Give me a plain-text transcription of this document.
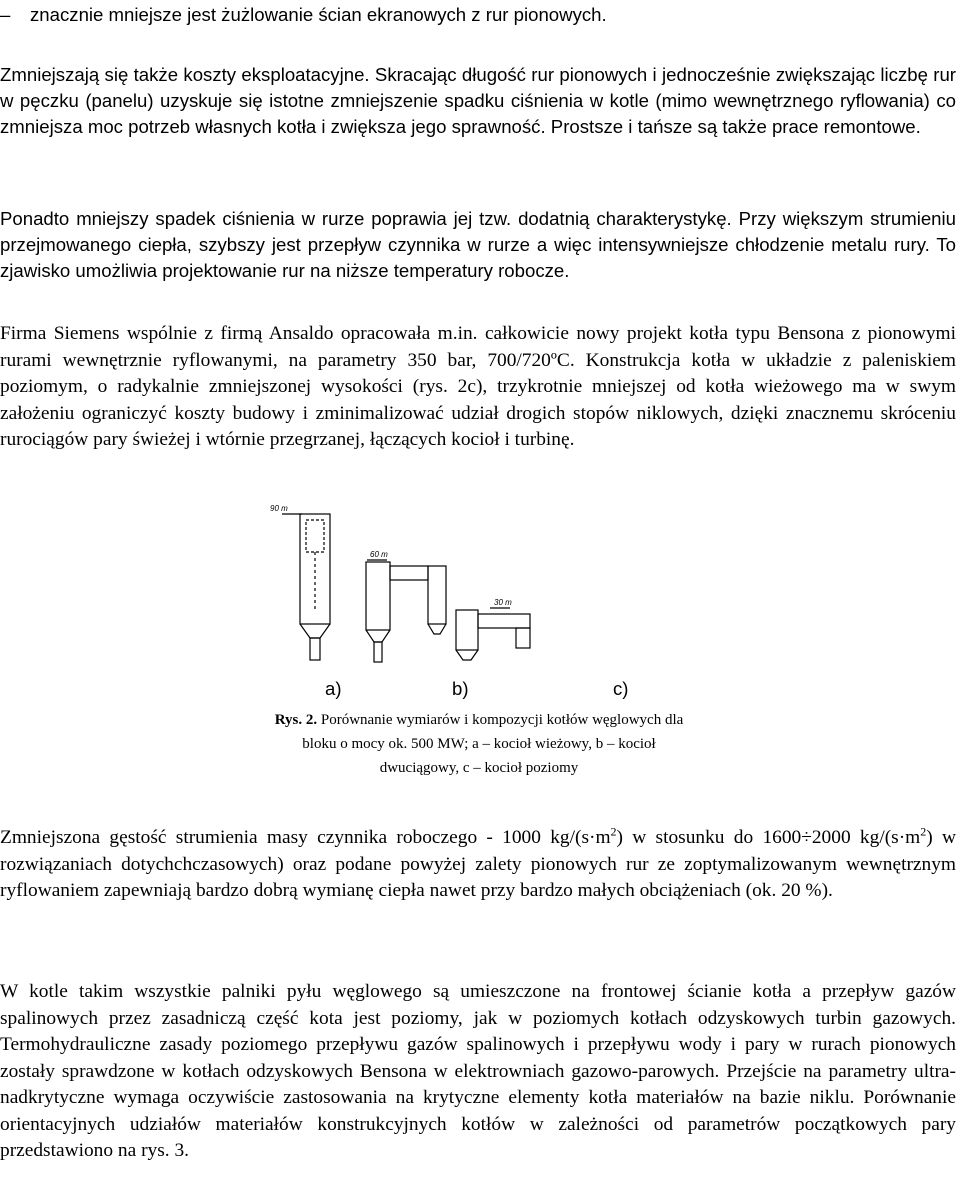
– znacznie mniejsze jest żużlowanie ścian ekranowych z rur pionowych.

Zmniejszają się także koszty eksploatacyjne. Skracając długość rur pionowych i jednocześnie zwiększając liczbę rur w pęczku (panelu) uzyskuje się istotne zmniejszenie spadku ciśnienia w kotle (mimo wewnętrznego ryflowania) co zmniejsza moc potrzeb własnych kotła i zwiększa jego sprawność. Prostsze i tańsze są także prace remontowe.

Ponadto mniejszy spadek ciśnienia w rurze poprawia jej tzw. dodatnią charakterystykę. Przy większym strumieniu przejmowanego ciepła, szybszy jest przepływ czynnika w rurze a więc intensywniejsze chłodzenie metalu rury. To zjawisko umożliwia projektowanie rur na niższe temperatury robocze.

Firma Siemens wspólnie z firmą Ansaldo opracowała m.in. całkowicie nowy projekt kotła typu Bensona z pionowymi rurami wewnętrznie ryflowanymi, na parametry 350 bar, 700/720ºC. Konstrukcja kotła w układzie z paleniskiem poziomym, o radykalnie zmniejszonej wysokości (rys. 2c), trzykrotnie mniejszej od kotła wieżowego ma w swym założeniu ograniczyć koszty budowy i zminimalizować udział drogich stopów niklowych, dzięki znacznemu skróceniu rurociągów pary świeżej i wtórnie przegrzanej, łączących kocioł i turbinę.

90 m
60 m
30 m
a)	b)	c)
Rys. 2. Porównanie wymiarów i kompozycji kotłów węglowych dla bloku o mocy ok. 500 MW; a – kocioł wieżowy, b – kocioł dwuciągowy, c – kocioł poziomy

Zmniejszona gęstość strumienia masy czynnika roboczego - 1000 $kg/(s\cdot m^2)$ w stosunku do 1600÷2000 $kg/(s\cdot m^2)$ w rozwiązaniach dotychchczasowych) oraz podane powyżej zalety pionowych rur ze zoptymalizowanym wewnętrznym ryflowaniem zapewniają bardzo dobrą wymianę ciepła nawet przy bardzo małych obciążeniach (ok. 20 %).

W kotle takim wszystkie palniki pyłu węglowego są umieszczone na frontowej ścianie kotła a przepływ gazów spalinowych przez zasadniczą część kota jest poziomy, jak w poziomych kotłach odzyskowych turbin gazowych. Termohydrauliczne zasady poziomego przepływu gazów spalinowych i przepływu wody i pary w rurach pionowych zostały sprawdzone w kotłach odzyskowych Bensona w elektrowniach gazowo-parowych. Przejście na parametry ultra-nadkrytyczne wymaga oczywiście zastosowania na krytyczne elementy kotła materiałów na bazie niklu. Porównanie orientacyjnych udziałów materiałów konstrukcyjnych kotłów w zależności od parametrów początkowych pary przedstawiono na rys. 3.
